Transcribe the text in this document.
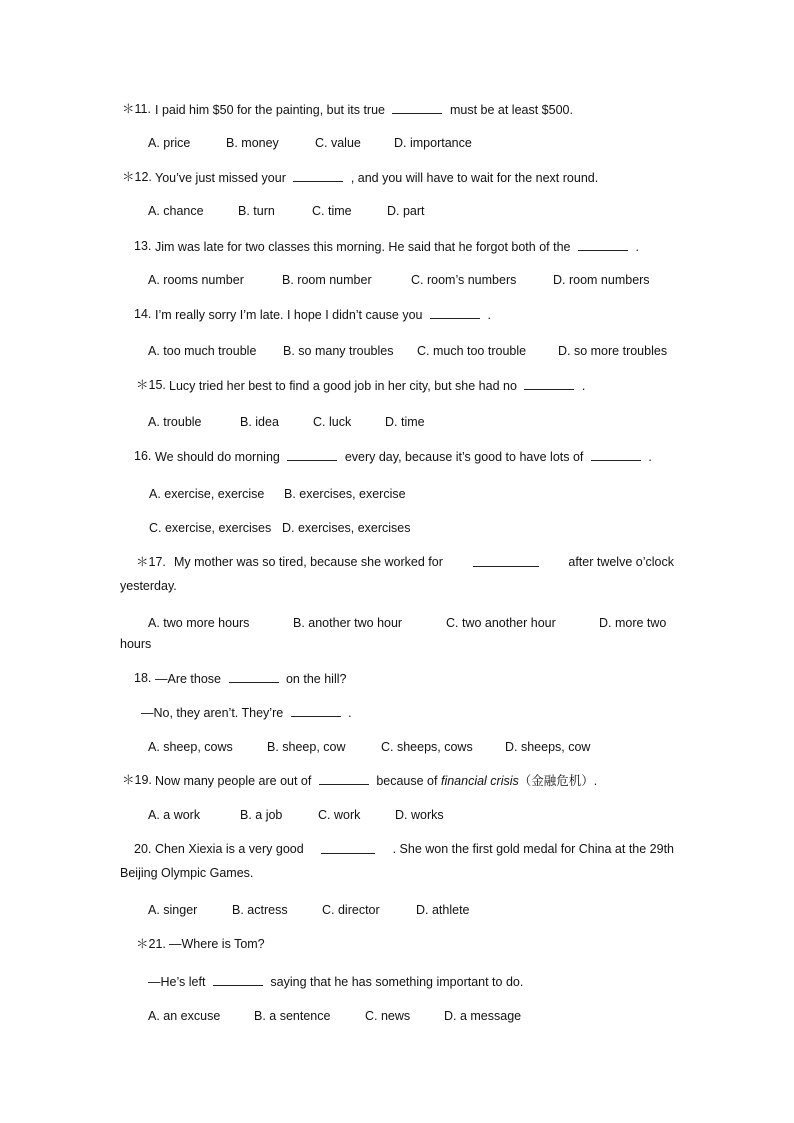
＊11. I paid him $50 for the painting, but its true	must be at least $500.
A. price	B. money	C. value	D. importance
＊12. You’ve just missed your	, and you will have to wait for the next round.
A. chance	B. turn	C. time	D. part
13. Jim was late for two classes this morning. He said that he forgot both of the	.
A. rooms number	B. room number	C. room’s numbers	D. room numbers
14. I’m really sorry I’m late. I hope I didn’t cause you	.
A. too much trouble B. so many troubles C. much too trouble	D. so more troubles
＊15. Lucy tried her best to find a good job in her city, but she had no	.
A. trouble	B. idea	C. luck	D. time
16. We should do morning	every day, because it’s good to have lots of	.
A. exercise, exercise B. exercises, exercise
C. exercise, exercises D. exercises, exercises
＊17. My mother was so tired, because she worked for	after twelve o’clock
yesterday.
A. two more hours	B. another two hour	C. two another hour	D. more two
hours
18. —Are those	on the hill?
—No, they aren’t. They’re	.
A. sheep, cows	B. sheep, cow	C. sheeps, cows	D. sheeps, cow
＊19. Now many people are out of	because of financial crisis（金融危机）.
A. a work	B. a job	C. work	D. works
20. Chen Xiexia is a very good	. She won the first gold medal for China at the 29th
Beijing Olympic Games.
A. singer	B. actress	C. director	D. athlete
＊21. —Where is Tom?
—He’s left	saying that he has something important to do.
A. an excuse	B. a sentence	C. news	D. a message
